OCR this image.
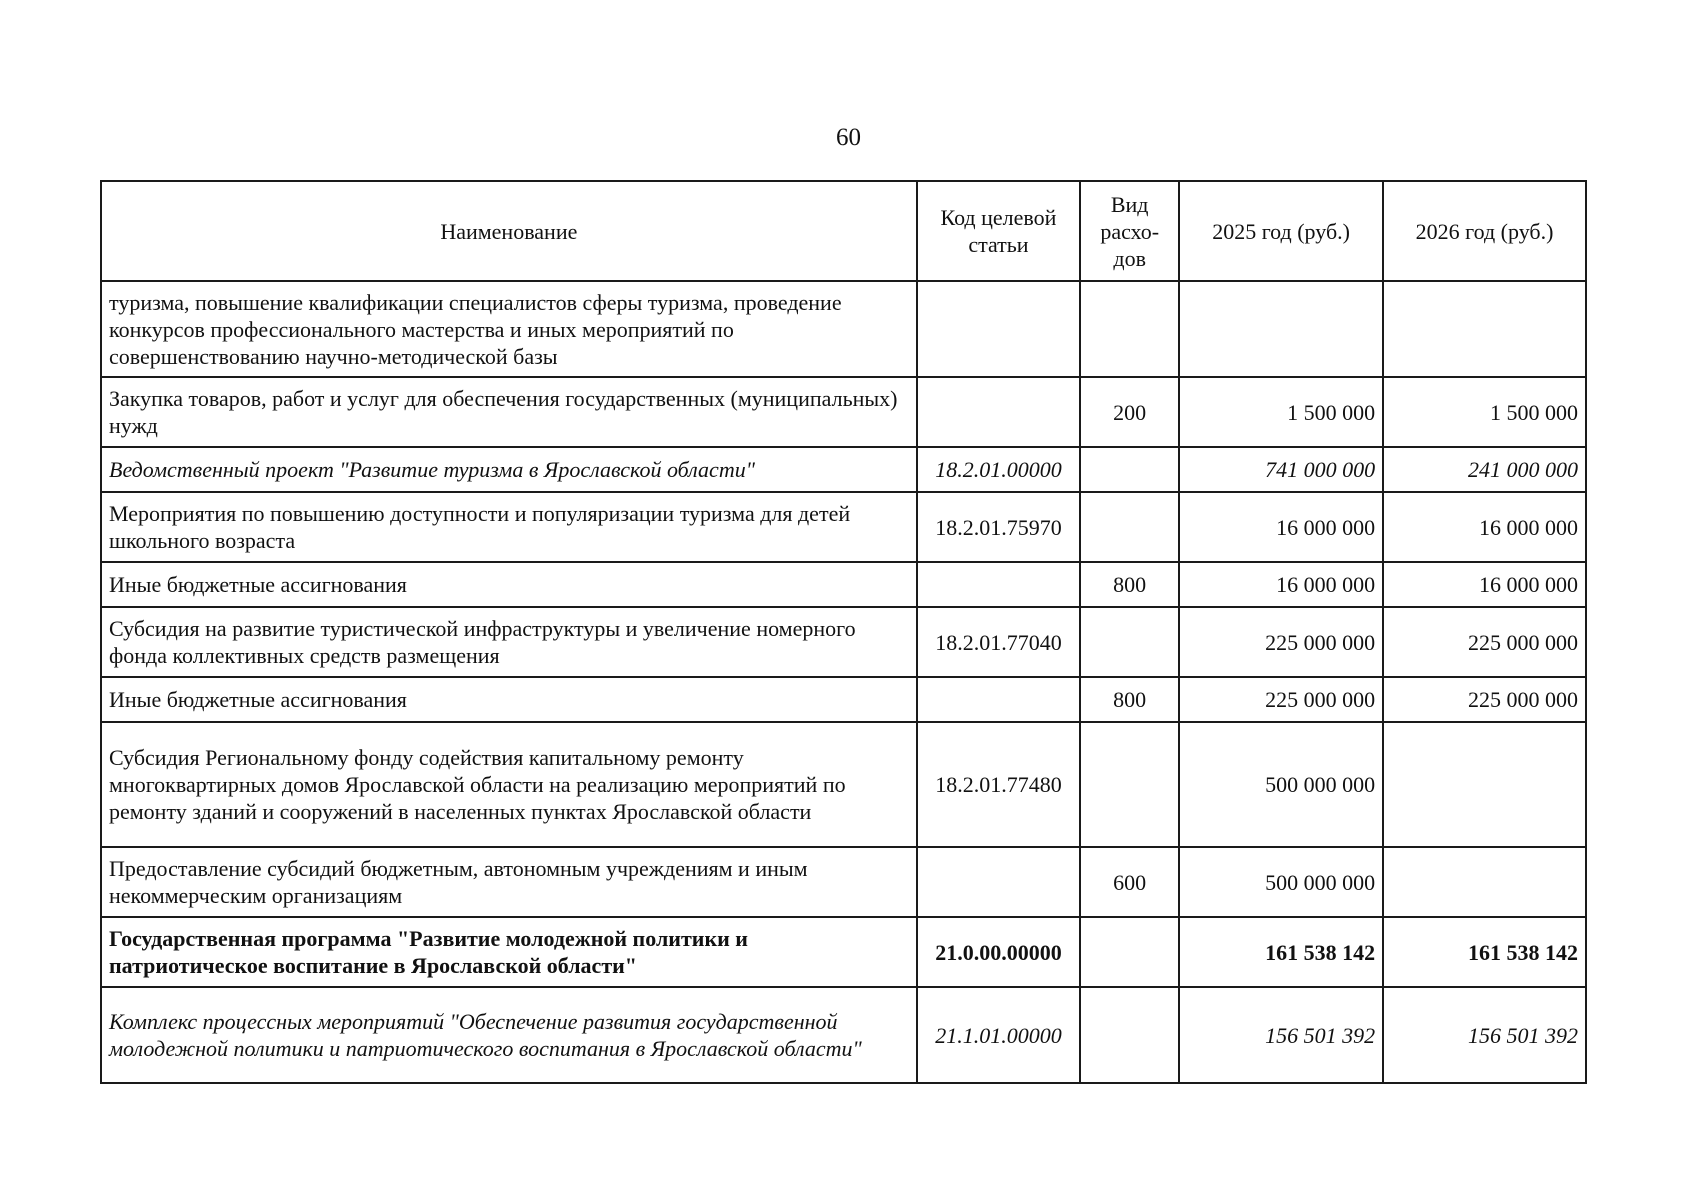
60
Наименование	Код целевой статьи	Вид расхо-дов	2025 год (руб.)	2026 год (руб.)
туризма, повышение квалификации специалистов сферы туризма, проведение конкурсов профессионального мастерства и иных мероприятий по совершенствованию научно-методической базы				
Закупка товаров, работ и услуг для обеспечения государственных (муниципальных) нужд		200	1 500 000	1 500 000
Ведомственный проект "Развитие туризма в Ярославской области"	18.2.01.00000		741 000 000	241 000 000
Мероприятия по повышению доступности и популяризации туризма для детей школьного возраста	18.2.01.75970		16 000 000	16 000 000
Иные бюджетные ассигнования		800	16 000 000	16 000 000
Субсидия на развитие туристической инфраструктуры и увеличение номерного фонда коллективных средств размещения	18.2.01.77040		225 000 000	225 000 000
Иные бюджетные ассигнования		800	225 000 000	225 000 000
Субсидия Региональному фонду содействия капитальному ремонту многоквартирных домов Ярославской области на реализацию мероприятий по ремонту зданий и сооружений в населенных пунктах Ярославской области	18.2.01.77480		500 000 000	
Предоставление субсидий бюджетным, автономным учреждениям и иным некоммерческим организациям		600	500 000 000	
Государственная программа "Развитие молодежной политики и патриотическое воспитание в Ярославской области"	21.0.00.00000		161 538 142	161 538 142
Комплекс процессных мероприятий "Обеспечение развития государственной молодежной политики и патриотического воспитания в Ярославской области"	21.1.01.00000		156 501 392	156 501 392
